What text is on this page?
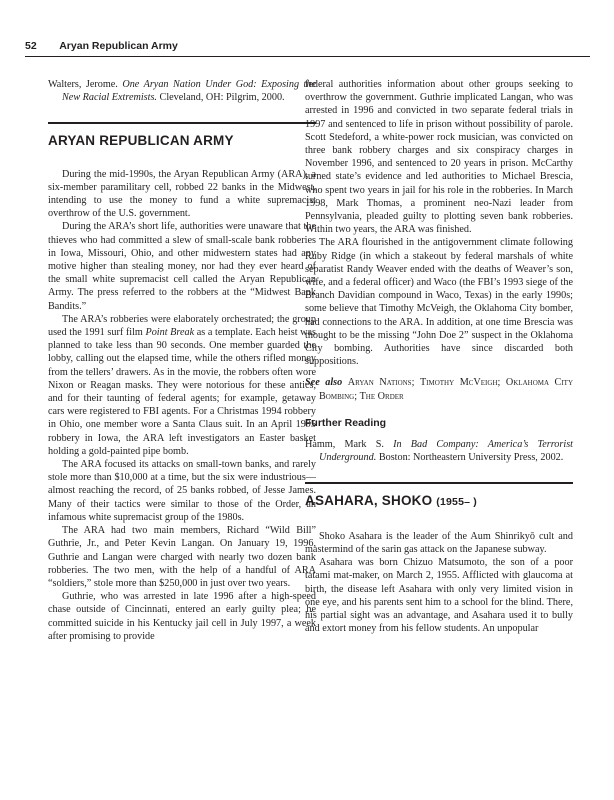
52 Aryan Republican Army

Walters, Jerome. One Aryan Nation Under God: Exposing the New Racial Extremists. Cleveland, OH: Pilgrim, 2000.

ARYAN REPUBLICAN ARMY

During the mid-1990s, the Aryan Republican Army (ARA), a six-member paramilitary cell, robbed 22 banks in the Midwest, intending to use the money to fund a white supremacist overthrow of the U.S. government.

During the ARA’s short life, authorities were unaware that the thieves who had committed a slew of small-scale bank robberies in Iowa, Missouri, Ohio, and other midwestern states had any motive higher than stealing money, nor had they ever heard of the small white supremacist cell called the Aryan Republican Army. The press referred to the robbers at the “Midwest Bank Bandits.”

The ARA’s robberies were elaborately orchestrated; the group used the 1991 surf film Point Break as a template. Each heist was planned to take less than 90 seconds. One member guarded the lobby, calling out the elapsed time, while the others rifled money from the tellers’ drawers. As in the movie, the robbers often wore Nixon or Reagan masks. They were notorious for these antics, and for their taunting of federal agents; for example, getaway cars were registered to FBI agents. For a Christmas 1994 robbery in Ohio, one member wore a Santa Claus suit. In an April 1995 robbery in Iowa, the ARA left investigators an Easter basket holding a gold-painted pipe bomb.

The ARA focused its attacks on small-town banks, and rarely stole more than $10,000 at a time, but the six were industrious—almost reaching the record, of 25 banks robbed, of Jesse James. Many of their tactics were similar to those of the Order, an infamous white supremacist group of the 1980s.

The ARA had two main members, Richard “Wild Bill” Guthrie, Jr., and Peter Kevin Langan. On January 19, 1996, Guthrie and Langan were charged with nearly two dozen bank robberies. The two men, with the help of a handful of ARA “soldiers,” stole more than $250,000 in just over two years.

Guthrie, who was arrested in late 1996 after a high-speed chase outside of Cincinnati, entered an early guilty plea; he committed suicide in his Kentucky jail cell in July 1997, a week after promising to provide

federal authorities information about other groups seeking to overthrow the government. Guthrie implicated Langan, who was arrested in 1996 and convicted in two separate federal trials in 1997 and sentenced to life in prison without possibility of parole. Scott Stedeford, a white-power rock musician, was convicted on three bank robbery charges and six conspiracy charges in November 1996, and sentenced to 20 years in prison. McCarthy turned state’s evidence and led authorities to Michael Brescia, who spent two years in jail for his role in the robberies. In March 1998, Mark Thomas, a prominent neo-Nazi leader from Pennsylvania, pleaded guilty to plotting seven bank robberies. Within two years, the ARA was finished.

The ARA flourished in the antigovernment climate following Ruby Ridge (in which a stakeout by federal marshals of white separatist Randy Weaver ended with the deaths of Weaver’s son, wife, and a federal officer) and Waco (the FBI’s 1993 siege of the Branch Davidian compound in Waco, Texas) in the early 1990s; some believe that Timothy McVeigh, the Oklahoma City bomber, had connections to the ARA. In addition, at one time Brescia was thought to be the missing “John Doe 2” suspect in the Oklahoma City bombing. Authorities have since discarded both suppositions.

See also Aryan Nations; Timothy McVeigh; Oklahoma City Bombing; The Order

Further Reading

Hamm, Mark S. In Bad Company: America’s Terrorist Underground. Boston: Northeastern University Press, 2002.

ASAHARA, SHOKO (1955– )

Shoko Asahara is the leader of the Aum Shinrikyō cult and mastermind of the sarin gas attack on the Japanese subway.

Asahara was born Chizuo Matsumoto, the son of a poor tatami mat-maker, on March 2, 1955. Afflicted with glaucoma at birth, the disease left Asahara with only very limited vision in one eye, and his parents sent him to a school for the blind. There, his partial sight was an advantage, and Asahara used it to bully and extort money from his fellow students. An unpopular
